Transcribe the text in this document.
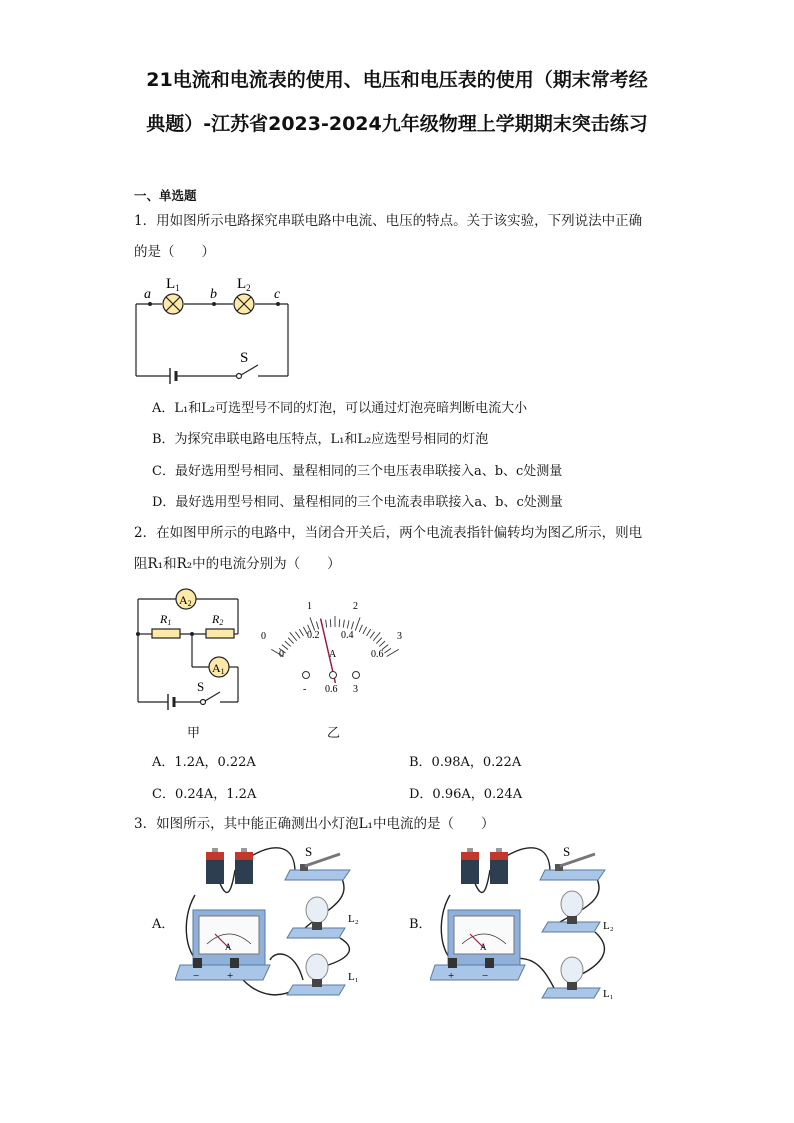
21电流和电流表的使用、电压和电压表的使用（期末常考经
典题）-江苏省2023-2024九年级物理上学期期末突击练习
一、单选题
1．用如图所示电路探究串联电路中电流、电压的特点。关于该实验，下列说法中正确
的是（　　）
a	b	c
$L_1$	$L_2$
S
A．L₁和L₂可选型号不同的灯泡，可以通过灯泡亮暗判断电流大小
B．为探究串联电路电压特点，L₁和L₂应选型号相同的灯泡
C．最好选用型号相同、量程相同的三个电压表串联接入a、b、c处测量
D．最好选用型号相同、量程相同的三个电流表串联接入a、b、c处测量
2．在如图甲所示的电路中，当闭合开关后，两个电流表指针偏转均为图乙所示，则电
阻R₁和R₂中的电流分别为（　　）
A2
A1
R1	R2
S
甲
0
1	2
3
0
0.2 0.4
0.6
A
- 0.6 3
乙
A．1.2A，0.22A	B．0.98A，0.22A
C．0.24A，1.2A	D．0.96A，0.24A
3．如图所示，其中能正确测出小灯泡L₁中电流的是（　　）
A．	B．
S
L₂
L₁
A
−	+
S
L₂
L₁
A
+	−
